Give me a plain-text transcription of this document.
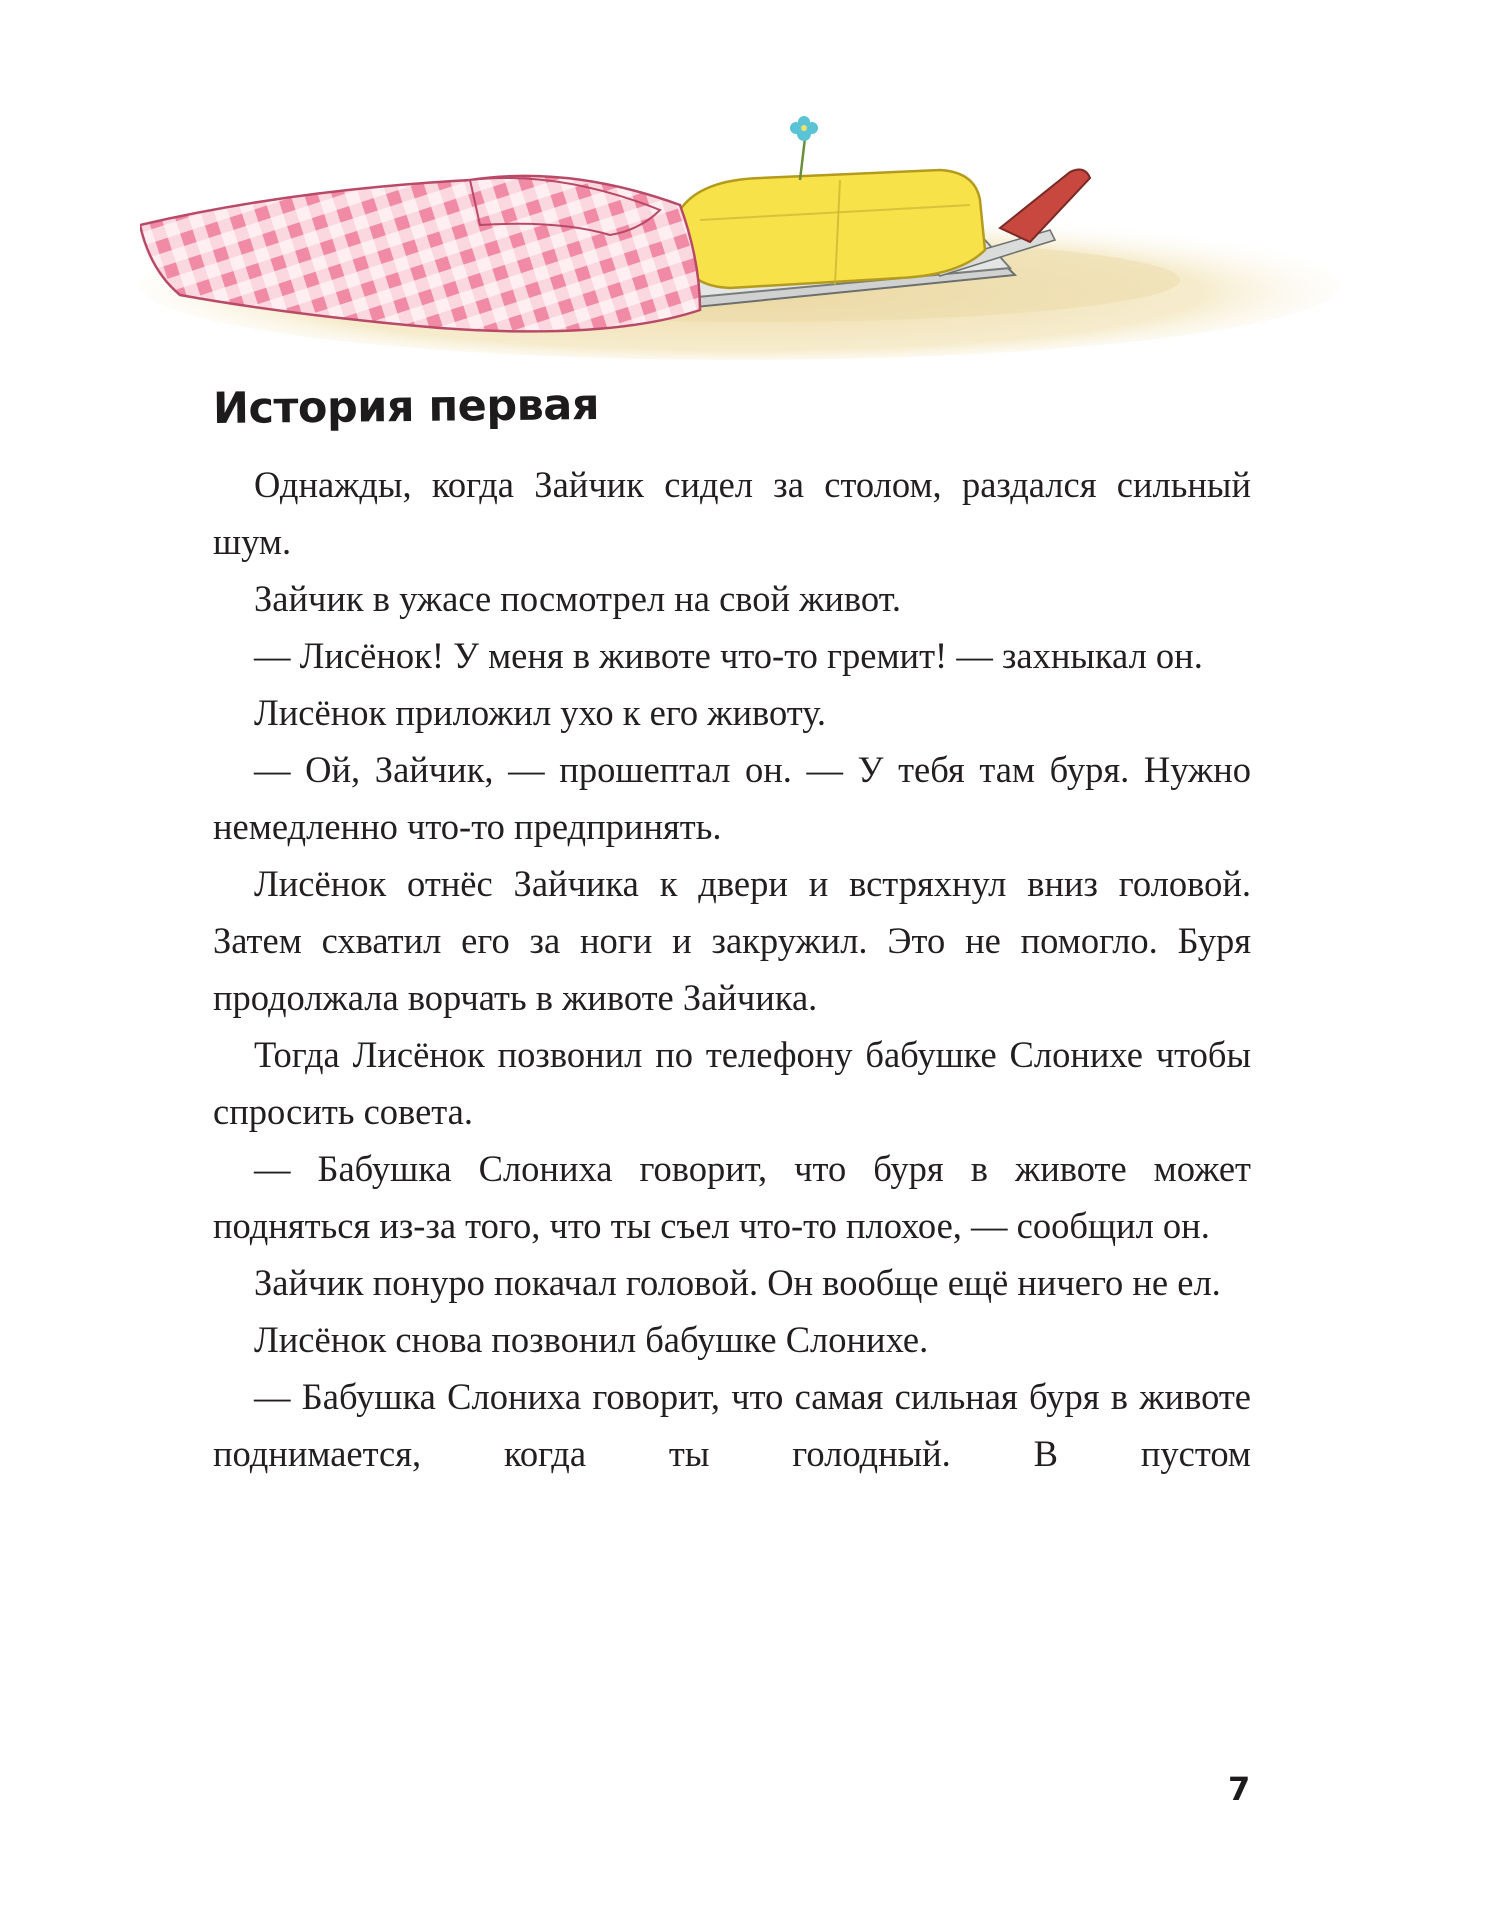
История первая

Однажды, когда Зайчик сидел за столом, раздался сильный шум.

Зайчик в ужасе посмотрел на свой живот.

— Лисёнок! У меня в животе что-то гремит! — захныкал он.

Лисёнок приложил ухо к его животу.

— Ой, Зайчик, — прошептал он. — У тебя там буря. Нужно немедленно что-то предпринять.

Лисёнок отнёс Зайчика к двери и встряхнул вниз головой. Затем схватил его за ноги и закружил. Это не помогло. Буря продолжала ворчать в животе Зайчика.

Тогда Лисёнок позвонил по телефону бабушке Слонихе чтобы спросить совета.

— Бабушка Слониха говорит, что буря в животе может подняться из-за того, что ты съел что-то плохое, — сообщил он.

Зайчик понуро покачал головой. Он вообще ещё ничего не ел.

Лисёнок снова позвонил бабушке Слонихе.

— Бабушка Слониха говорит, что самая сильная буря в животе поднимается, когда ты голодный. В пустом

7
